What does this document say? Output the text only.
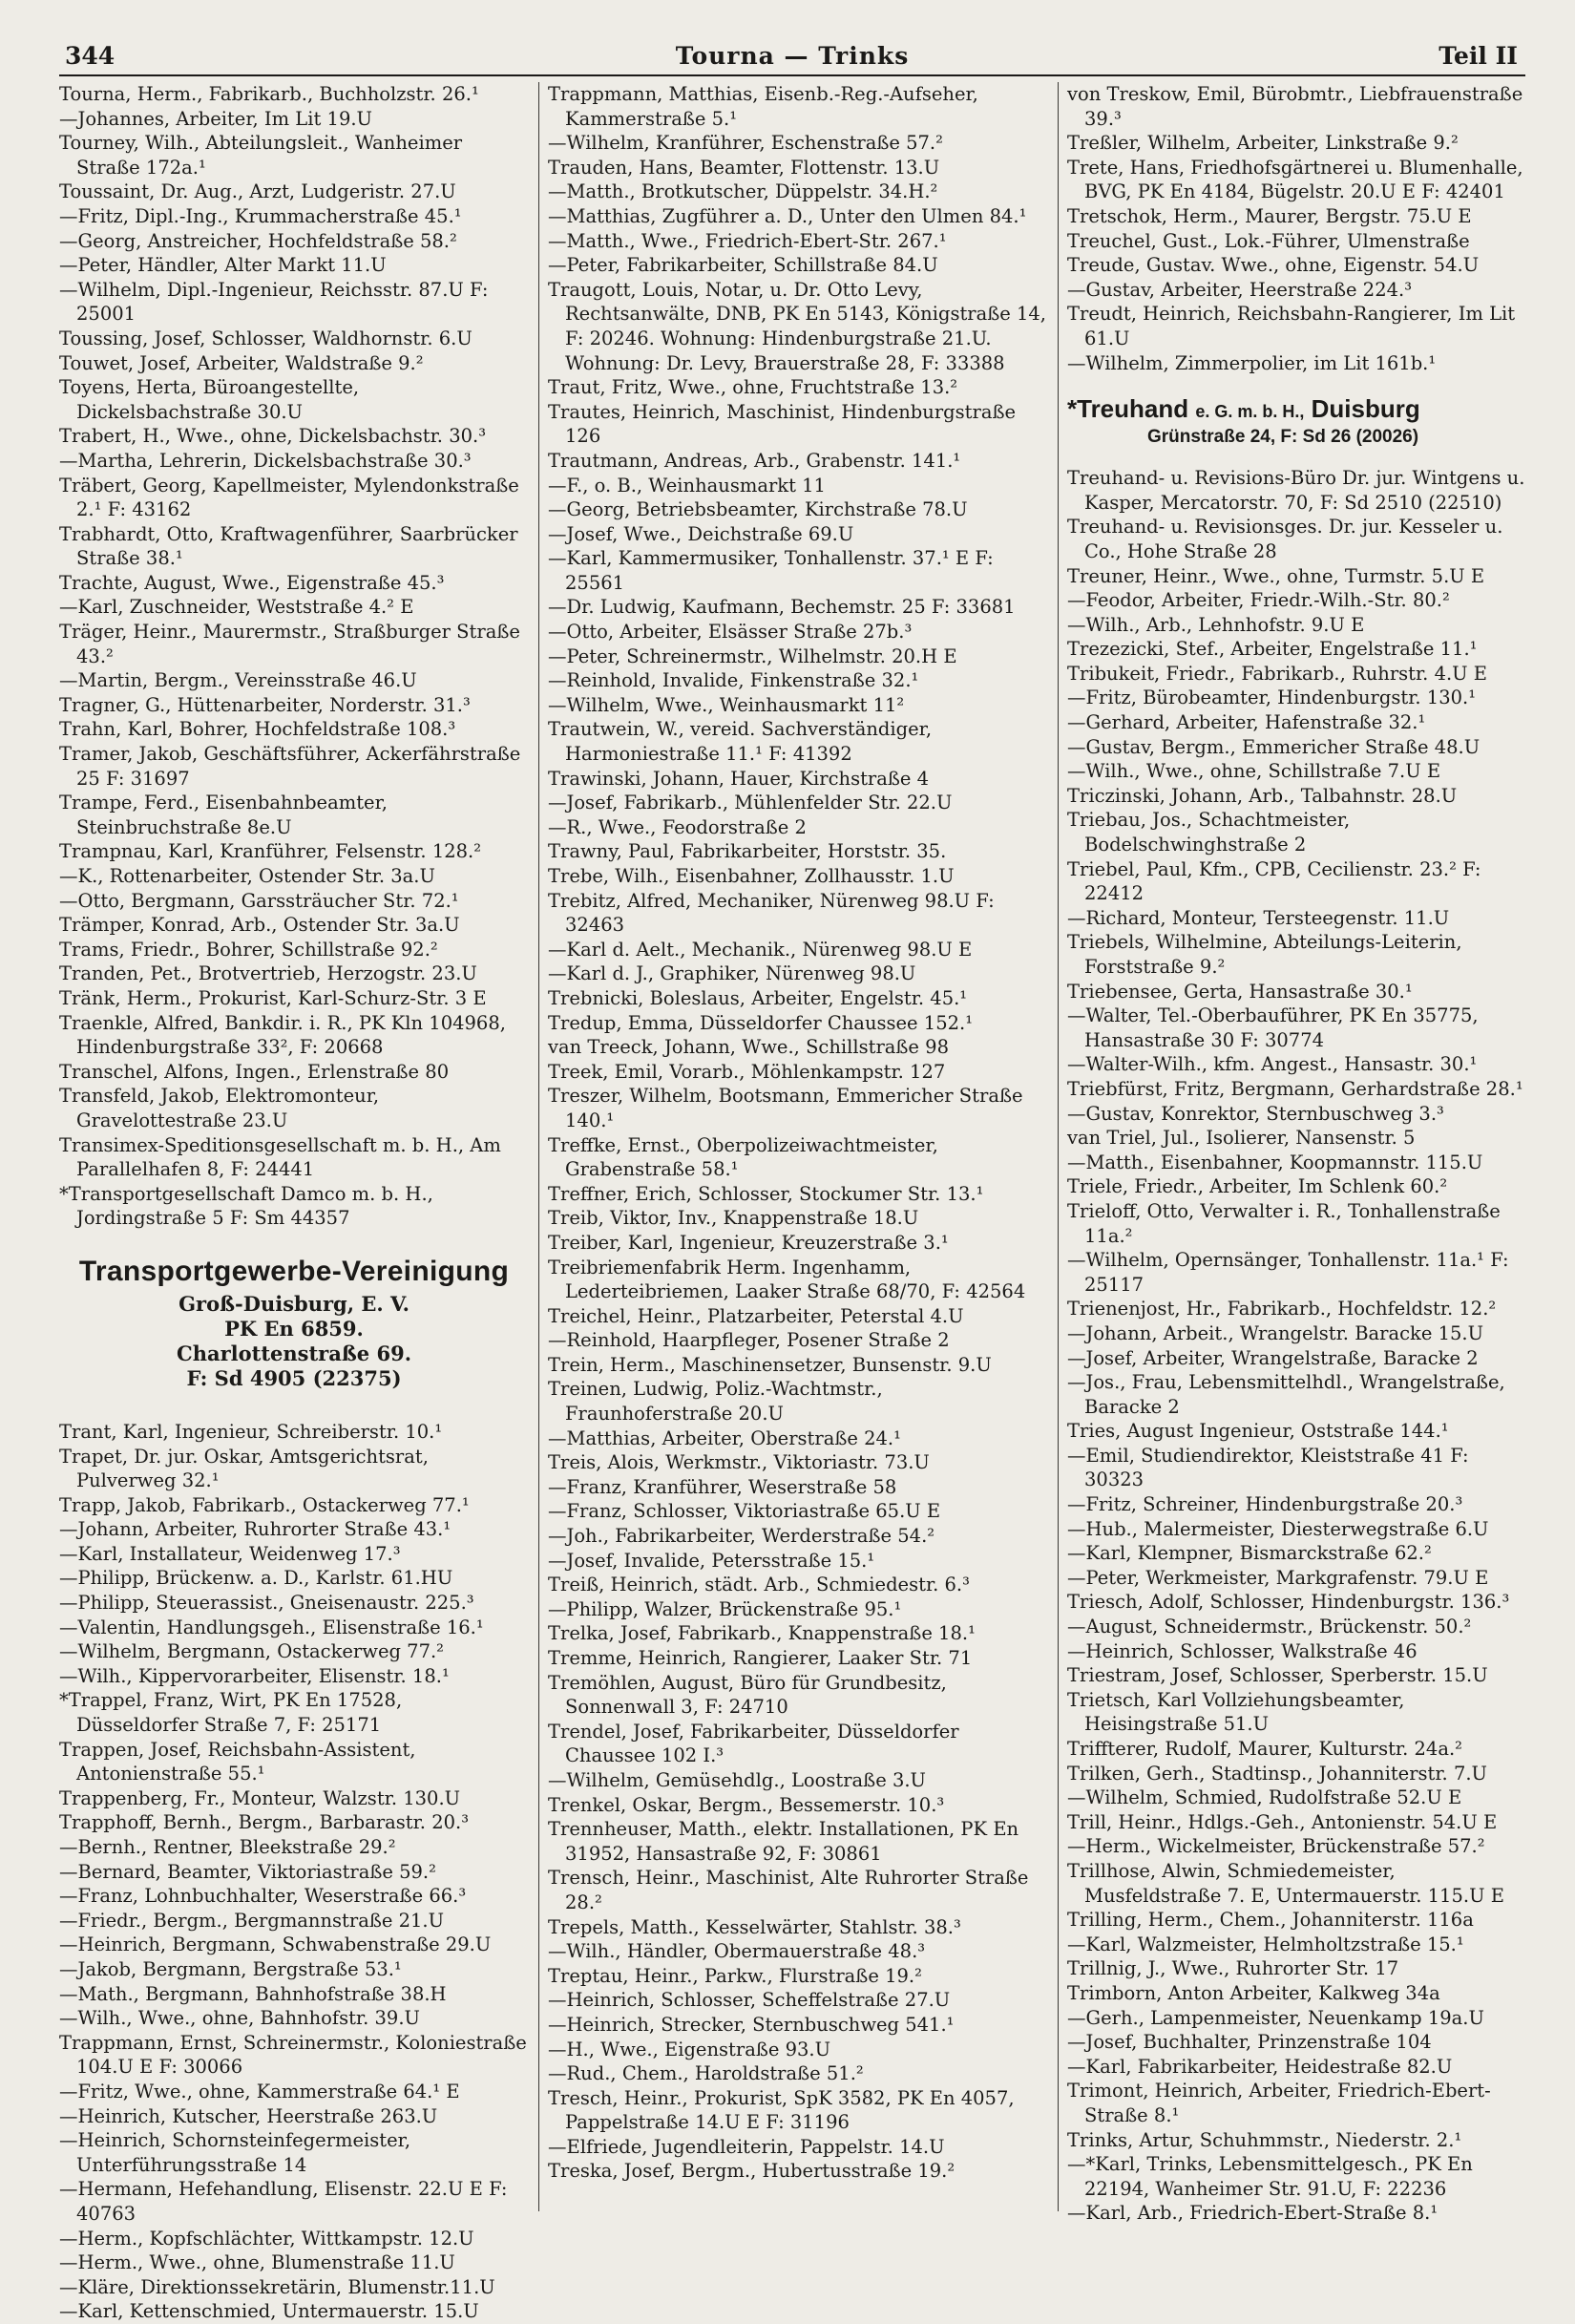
344	Tourna — Trinks	Teil II

Tourna, Herm., Fabrikarb., Buchholzstr. 26.¹

—Johannes, Arbeiter, Im Lit 19.U

Tourney, Wilh., Abteilungsleit., Wanheimer Straße 172a.¹

Toussaint, Dr. Aug., Arzt, Ludgeristr. 27.U

—Fritz, Dipl.-Ing., Krummacherstraße 45.¹

—Georg, Anstreicher, Hochfeldstraße 58.²

—Peter, Händler, Alter Markt 11.U

—Wilhelm, Dipl.-Ingenieur, Reichsstr. 87.U F: 25001

Toussing, Josef, Schlosser, Waldhornstr. 6.U

Touwet, Josef, Arbeiter, Waldstraße 9.²

Toyens, Herta, Büroangestellte, Dickelsbachstraße 30.U

Trabert, H., Wwe., ohne, Dickelsbachstr. 30.³

—Martha, Lehrerin, Dickelsbachstraße 30.³

Träbert, Georg, Kapellmeister, Mylendonkstraße 2.¹ F: 43162

Trabhardt, Otto, Kraftwagenführer, Saarbrücker Straße 38.¹

Trachte, August, Wwe., Eigenstraße 45.³

—Karl, Zuschneider, Weststraße 4.² E

Träger, Heinr., Maurermstr., Straßburger Straße 43.²

—Martin, Bergm., Vereinsstraße 46.U

Tragner, G., Hüttenarbeiter, Norderstr. 31.³

Trahn, Karl, Bohrer, Hochfeldstraße 108.³

Tramer, Jakob, Geschäftsführer, Ackerfährstraße 25 F: 31697

Trampe, Ferd., Eisenbahnbeamter, Steinbruchstraße 8e.U

Trampnau, Karl, Kranführer, Felsenstr. 128.²

—K., Rottenarbeiter, Ostender Str. 3a.U

—Otto, Bergmann, Garssträucher Str. 72.¹

Trämper, Konrad, Arb., Ostender Str. 3a.U

Trams, Friedr., Bohrer, Schillstraße 92.²

Tranden, Pet., Brotvertrieb, Herzogstr. 23.U

Tränk, Herm., Prokurist, Karl-Schurz-Str. 3 E

Traenkle, Alfred, Bankdir. i. R., PK Kln 104968, Hindenburgstraße 33², F: 20668

Transchel, Alfons, Ingen., Erlenstraße 80

Transfeld, Jakob, Elektromonteur, Gravelottestraße 23.U

Transimex-Speditionsgesellschaft m. b. H., Am Parallelhafen 8, F: 24441

*Transportgesellschaft Damco m. b. H., Jordingstraße 5 F: Sm 44357

Transportgewerbe-Vereinigung
Groß-Duisburg, E. V.
PK En 6859.
Charlottenstraße 69.
F: Sd 4905 (22375)

Trant, Karl, Ingenieur, Schreiberstr. 10.¹

Trapet, Dr. jur. Oskar, Amtsgerichtsrat, Pulverweg 32.¹

Trapp, Jakob, Fabrikarb., Ostackerweg 77.¹

—Johann, Arbeiter, Ruhrorter Straße 43.¹

—Karl, Installateur, Weidenweg 17.³

—Philipp, Brückenw. a. D., Karlstr. 61.HU

—Philipp, Steuerassist., Gneisenaustr. 225.³

—Valentin, Handlungsgeh., Elisenstraße 16.¹

—Wilhelm, Bergmann, Ostackerweg 77.²

—Wilh., Kippervorarbeiter, Elisenstr. 18.¹

*Trappel, Franz, Wirt, PK En 17528, Düsseldorfer Straße 7, F: 25171

Trappen, Josef, Reichsbahn-Assistent, Antonienstraße 55.¹

Trappenberg, Fr., Monteur, Walzstr. 130.U

Trapphoff, Bernh., Bergm., Barbarastr. 20.³

—Bernh., Rentner, Bleekstraße 29.²

—Bernard, Beamter, Viktoriastraße 59.²

—Franz, Lohnbuchhalter, Weserstraße 66.³

—Friedr., Bergm., Bergmannstraße 21.U

—Heinrich, Bergmann, Schwabenstraße 29.U

—Jakob, Bergmann, Bergstraße 53.¹

—Math., Bergmann, Bahnhofstraße 38.H

—Wilh., Wwe., ohne, Bahnhofstr. 39.U

Trappmann, Ernst, Schreinermstr., Koloniestraße 104.U E F: 30066

—Fritz, Wwe., ohne, Kammerstraße 64.¹ E

—Heinrich, Kutscher, Heerstraße 263.U

—Heinrich, Schornsteinfegermeister, Unterführungsstraße 14

—Hermann, Hefehandlung, Elisenstr. 22.U E F: 40763

—Herm., Kopfschlächter, Wittkampstr. 12.U

—Herm., Wwe., ohne, Blumenstraße 11.U

—Kläre, Direktionssekretärin, Blumenstr.11.U

—Karl, Kettenschmied, Untermauerstr. 15.U

Trappmann, Matthias, Eisenb.-Reg.-Aufseher, Kammerstraße 5.¹

—Wilhelm, Kranführer, Eschenstraße 57.²

Trauden, Hans, Beamter, Flottenstr. 13.U

—Matth., Brotkutscher, Düppelstr. 34.H.²

—Matthias, Zugführer a. D., Unter den Ulmen 84.¹

—Matth., Wwe., Friedrich-Ebert-Str. 267.¹

—Peter, Fabrikarbeiter, Schillstraße 84.U

Traugott, Louis, Notar, u. Dr. Otto Levy, Rechtsanwälte, DNB, PK En 5143, Königstraße 14, F: 20246. Wohnung: Hindenburgstraße 21.U. Wohnung: Dr. Levy, Brauerstraße 28, F: 33388

Traut, Fritz, Wwe., ohne, Fruchtstraße 13.²

Trautes, Heinrich, Maschinist, Hindenburgstraße 126

Trautmann, Andreas, Arb., Grabenstr. 141.¹

—F., o. B., Weinhausmarkt 11

—Georg, Betriebsbeamter, Kirchstraße 78.U

—Josef, Wwe., Deichstraße 69.U

—Karl, Kammermusiker, Tonhallenstr. 37.¹ E F: 25561

—Dr. Ludwig, Kaufmann, Bechemstr. 25 F: 33681

—Otto, Arbeiter, Elsässer Straße 27b.³

—Peter, Schreinermstr., Wilhelmstr. 20.H E

—Reinhold, Invalide, Finkenstraße 32.¹

—Wilhelm, Wwe., Weinhausmarkt 11²

Trautwein, W., vereid. Sachverständiger, Harmoniestraße 11.¹ F: 41392

Trawinski, Johann, Hauer, Kirchstraße 4

—Josef, Fabrikarb., Mühlenfelder Str. 22.U

—R., Wwe., Feodorstraße 2

Trawny, Paul, Fabrikarbeiter, Horststr. 35.

Trebe, Wilh., Eisenbahner, Zollhausstr. 1.U

Trebitz, Alfred, Mechaniker, Nürenweg 98.U F: 32463

—Karl d. Aelt., Mechanik., Nürenweg 98.U E

—Karl d. J., Graphiker, Nürenweg 98.U

Trebnicki, Boleslaus, Arbeiter, Engelstr. 45.¹

Tredup, Emma, Düsseldorfer Chaussee 152.¹

van Treeck, Johann, Wwe., Schillstraße 98

Treek, Emil, Vorarb., Möhlenkampstr. 127

Treszer, Wilhelm, Bootsmann, Emmericher Straße 140.¹

Treffke, Ernst., Oberpolizeiwachtmeister, Grabenstraße 58.¹

Treffner, Erich, Schlosser, Stockumer Str. 13.¹

Treib, Viktor, Inv., Knappenstraße 18.U

Treiber, Karl, Ingenieur, Kreuzerstraße 3.¹

Treibriemenfabrik Herm. Ingenhamm, Lederteibriemen, Laaker Straße 68/70, F: 42564

Treichel, Heinr., Platzarbeiter, Peterstal 4.U

—Reinhold, Haarpfleger, Posener Straße 2

Trein, Herm., Maschinensetzer, Bunsenstr. 9.U

Treinen, Ludwig, Poliz.-Wachtmstr., Fraunhoferstraße 20.U

—Matthias, Arbeiter, Oberstraße 24.¹

Treis, Alois, Werkmstr., Viktoriastr. 73.U

—Franz, Kranführer, Weserstraße 58

—Franz, Schlosser, Viktoriastraße 65.U E

—Joh., Fabrikarbeiter, Werderstraße 54.²

—Josef, Invalide, Petersstraße 15.¹

Treiß, Heinrich, städt. Arb., Schmiedestr. 6.³

—Philipp, Walzer, Brückenstraße 95.¹

Trelka, Josef, Fabrikarb., Knappenstraße 18.¹

Tremme, Heinrich, Rangierer, Laaker Str. 71

Tremöhlen, August, Büro für Grundbesitz, Sonnenwall 3, F: 24710

Trendel, Josef, Fabrikarbeiter, Düsseldorfer Chaussee 102 I.³

—Wilhelm, Gemüsehdlg., Loostraße 3.U

Trenkel, Oskar, Bergm., Bessemerstr. 10.³

Trennheuser, Matth., elektr. Installationen, PK En 31952, Hansastraße 92, F: 30861

Trensch, Heinr., Maschinist, Alte Ruhrorter Straße 28.²

Trepels, Matth., Kesselwärter, Stahlstr. 38.³

—Wilh., Händler, Obermauerstraße 48.³

Treptau, Heinr., Parkw., Flurstraße 19.²

—Heinrich, Schlosser, Scheffelstraße 27.U

—Heinrich, Strecker, Sternbuschweg 541.¹

—H., Wwe., Eigenstraße 93.U

—Rud., Chem., Haroldstraße 51.²

Tresch, Heinr., Prokurist, SpK 3582, PK En 4057, Pappelstraße 14.U E F: 31196

—Elfriede, Jugendleiterin, Pappelstr. 14.U

Treska, Josef, Bergm., Hubertusstraße 19.²

von Treskow, Emil, Bürobmtr., Liebfrauenstraße 39.³

Treßler, Wilhelm, Arbeiter, Linkstraße 9.²

Trete, Hans, Friedhofsgärtnerei u. Blumenhalle, BVG, PK En 4184, Bügelstr. 20.U E F: 42401

Tretschok, Herm., Maurer, Bergstr. 75.U E

Treuchel, Gust., Lok.-Führer, Ulmenstraße

Treude, Gustav. Wwe., ohne, Eigenstr. 54.U

—Gustav, Arbeiter, Heerstraße 224.³

Treudt, Heinrich, Reichsbahn-Rangierer, Im Lit 61.U

—Wilhelm, Zimmerpolier, im Lit 161b.¹

*Treuhand e. G. m. b. H., Duisburg
Grünstraße 24, F: Sd 26 (20026)

Treuhand- u. Revisions-Büro Dr. jur. Wintgens u. Kasper, Mercatorstr. 70, F: Sd 2510 (22510)

Treuhand- u. Revisionsges. Dr. jur. Kesseler u. Co., Hohe Straße 28

Treuner, Heinr., Wwe., ohne, Turmstr. 5.U E

—Feodor, Arbeiter, Friedr.-Wilh.-Str. 80.²

—Wilh., Arb., Lehnhofstr. 9.U E

Trezezicki, Stef., Arbeiter, Engelstraße 11.¹

Tribukeit, Friedr., Fabrikarb., Ruhrstr. 4.U E

—Fritz, Bürobeamter, Hindenburgstr. 130.¹

—Gerhard, Arbeiter, Hafenstraße 32.¹

—Gustav, Bergm., Emmericher Straße 48.U

—Wilh., Wwe., ohne, Schillstraße 7.U E

Triczinski, Johann, Arb., Talbahnstr. 28.U

Triebau, Jos., Schachtmeister, Bodelschwinghstraße 2

Triebel, Paul, Kfm., CPB, Cecilienstr. 23.² F: 22412

—Richard, Monteur, Tersteegenstr. 11.U

Triebels, Wilhelmine, Abteilungs-Leiterin, Forststraße 9.²

Triebensee, Gerta, Hansastraße 30.¹

—Walter, Tel.-Oberbauführer, PK En 35775, Hansastraße 30 F: 30774

—Walter-Wilh., kfm. Angest., Hansastr. 30.¹

Triebfürst, Fritz, Bergmann, Gerhardstraße 28.¹

—Gustav, Konrektor, Sternbuschweg 3.³

van Triel, Jul., Isolierer, Nansenstr. 5

—Matth., Eisenbahner, Koopmannstr. 115.U

Triele, Friedr., Arbeiter, Im Schlenk 60.²

Trieloff, Otto, Verwalter i. R., Tonhallenstraße 11a.²

—Wilhelm, Opernsänger, Tonhallenstr. 11a.¹ F: 25117

Trienenjost, Hr., Fabrikarb., Hochfeldstr. 12.²

—Johann, Arbeit., Wrangelstr. Baracke 15.U

—Josef, Arbeiter, Wrangelstraße, Baracke 2

—Jos., Frau, Lebensmittelhdl., Wrangelstraße, Baracke 2

Tries, August Ingenieur, Oststraße 144.¹

—Emil, Studiendirektor, Kleiststraße 41 F: 30323

—Fritz, Schreiner, Hindenburgstraße 20.³

—Hub., Malermeister, Diesterwegstraße 6.U

—Karl, Klempner, Bismarckstraße 62.²

—Peter, Werkmeister, Markgrafenstr. 79.U E

Triesch, Adolf, Schlosser, Hindenburgstr. 136.³

—August, Schneidermstr., Brückenstr. 50.²

—Heinrich, Schlosser, Walkstraße 46

Triestram, Josef, Schlosser, Sperberstr. 15.U

Trietsch, Karl Vollziehungsbeamter, Heisingstraße 51.U

Triffterer, Rudolf, Maurer, Kulturstr. 24a.²

Trilken, Gerh., Stadtinsp., Johanniterstr. 7.U

—Wilhelm, Schmied, Rudolfstraße 52.U E

Trill, Heinr., Hdlgs.-Geh., Antonienstr. 54.U E

—Herm., Wickelmeister, Brückenstraße 57.²

Trillhose, Alwin, Schmiedemeister, Musfeldstraße 7. E, Untermauerstr. 115.U E

Trilling, Herm., Chem., Johanniterstr. 116a

—Karl, Walzmeister, Helmholtzstraße 15.¹

Trillnig, J., Wwe., Ruhrorter Str. 17

Trimborn, Anton Arbeiter, Kalkweg 34a

—Gerh., Lampenmeister, Neuenkamp 19a.U

—Josef, Buchhalter, Prinzenstraße 104

—Karl, Fabrikarbeiter, Heidestraße 82.U

Trimont, Heinrich, Arbeiter, Friedrich-Ebert-Straße 8.¹

Trinks, Artur, Schuhmmstr., Niederstr. 2.¹

—*Karl, Trinks, Lebensmittelgesch., PK En 22194, Wanheimer Str. 91.U, F: 22236

—Karl, Arb., Friedrich-Ebert-Straße 8.¹
